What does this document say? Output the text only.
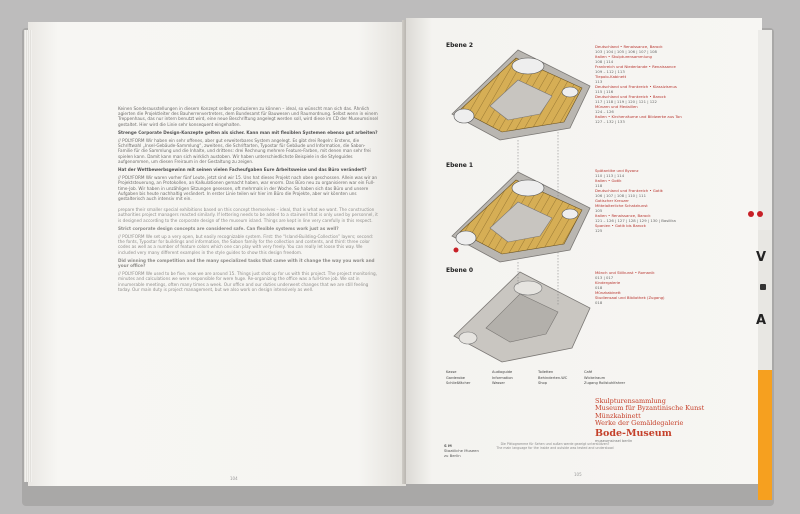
Keinen Sonderausstellungen in diesem Konzept selber produzieren zu können – ideal, so wünscht man sich das. Ähnlich agierten die Projektleiter des Bauherrenvertreters, dem Bundesamt für Bauwesen und Raumordnung. Selbst wenn in einem Treppenhaus, das nur intern benutzt wird, eine neue Beschriftung angelegt werden soll, wird diese im CD der Museumsinsel gestaltet. Hier wird die Linie sehr konsequent eingehalten.

Strenge Corporate Design-Konzepte gelten als sicher. Kann man mit flexiblen Systemen ebenso gut arbeiten?

// POLYFORM Wir haben ein sehr offenes, aber gut erweiterbares System angelegt. Es gibt drei Regeln: Erstens, die Schriftwahl „Insel-Gebäude-Sammlung“, zweitens, die Schriftarten, Typostar für Gebäude und Information, die Sabon-Familie für die Sammlung und die Inhalte, und drittens: drei Rechnung mehrere Feature-Farben, mit denen man sehr frei spielen kann. Damit kann man sich wirklich austoben. Wir haben unterschiedlichste Beispiele in die Styleguides aufgenommen, um diesen Freiraum in der Gestaltung zu zeigen.

Hat der Wettbewerbsgewinn mit seinen vielen Facheufgaben Eure Arbeitsweise und das Büro verändert?

// POLYFORM Wir waren vorher fünf Leute, jetzt sind wir 15. Uns hat dieses Projekt nach oben geschossen. Allein was wir an Projektsteuerung, an Protokollen, an Kalkulationen gemacht haben, war enorm. Das Büro neu zu organisieren war ein Full-time-Job. Wir haben in unzähligen Sitzungen gesessen, oft mehrmals in der Woche. So haben sich das Büro und unsere Aufgaben bis heute nachhaltig verändert. In erster Linie teilen wir hier im Büro die Projekte, aber wir könnten uns gestalterisch auch intensiv mit ein.

prepare their smaller special exhibitions based on this concept themselves – ideal, that is what we want. The construction authorities project managers reacted similarly. If lettering needs to be added to a stairwell that is only used by personnel, it is designed according to the corporate design of the museum island. Things are kept in line very carefully in this respect.

Strict corporate design concepts are considered safe. Can flexible systems work just as well?

// POLYFORM We set up a very open, but easily recognizable system. First: the “Island-Building-Collection” layers; second: the fonts, Typostar for buildings and information, the Sabon family for the collection and contents, and third: three color codes as well as a number of feature colors which one can play with very freely. You can really let loose this way. We included very many different examples in the style guides to show this design freedom.

Did winning the competition and the many specialized tasks that came with it change the way you work and your office?

// POLYFORM We used to be five, now we are around 15. Things just shot up for us with this project. The project monitoring, minutes and calculations we were responsible for were huge. Re-organizing the office was a full-time job. We sat in innumerable meetings, often many times a week. Our office and our duties underwent changes that we are still feeling today. Our main duty is project management, but we also work on design intensively as well.

104
Ebene 2
Ebene 1
Ebene 0
Deutschland • Renaissance, Barock
103 | 104 | 105 | 106 | 107 | 108
Italien • Skulpturensammlung
108 | 114
Frankreich und Niederlande • Renaissance
109 – 112 | 113
Tiepolo-Kabinett
113
Deutschland und Frankreich • Klassizismus
115 | 116
Deutschland und Frankreich • Barock
117 | 118 | 119 | 120 | 121 | 122
Münzen und Medaillen
124 – 126
Italien • Kirchenräume und Bildwerke aus Ton
127 – 132 | 133
Spätantike und Byzanz
110 | 113 | 114
Italien • Gotik
118
Deutschland und Frankreich • Gotik
106 | 107 | 108 | 110 | 111
Gotischer Kreuzer
Mittelalterliche Schatzkunst
105
Italien • Renaissance, Barock
121 – 126 | 127 | 128 | 129 | 130 | Basilika
Spanien • Gotik bis Barock
125
Mönch und Stilkunst • Romanik
013 | 017
Kindergalerie
018
Münzkabinett
Studiensaal und Bibliothek (Zugang)
018
Kasse	Audioguide	Toiletten	Café
Garderobe	Information	Behinderten-WC	Wickelraum
Schließfächer	Wasser	Shop	Zugang Rollstuhlfahrer
S M
Staatliche Museen
zu Berlin
Skulpturensammlung
Museum für Byzantinische Kunst
Münzkabinett
Werke der Gemäldegalerie
Bode-Museum
museumsinsel berlin
Die Piktogramme für Sehen und außen werde gezeigt unterstützen?
The main language for the inside and outside was tested and understood
105
V
A
